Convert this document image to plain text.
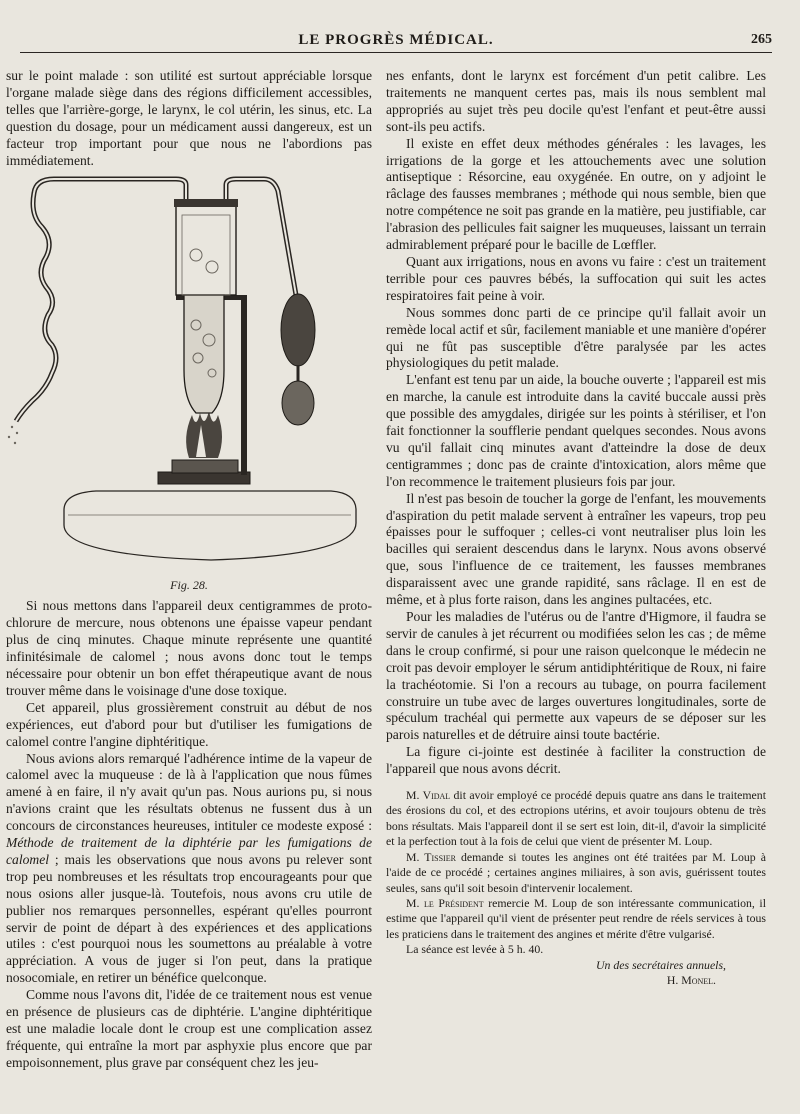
LE PROGRÈS MÉDICAL.	265

sur le point malade : son utilité est surtout appréciable lorsque l'organe malade siège dans des régions difficilement accessibles, telles que l'arrière-gorge, le larynx, le col utérin, les sinus, etc. La question du dosage, pour un médicament aussi dangereux, est un facteur trop important pour que nous ne l'abordions pas immédiatement.

Fig. 28.

Si nous mettons dans l'appareil deux centigrammes de proto-chlorure de mercure, nous obtenons une épaisse vapeur pendant plus de cinq minutes. Chaque minute représente une quantité infinitésimale de calomel ; nous avons donc tout le temps nécessaire pour obtenir un bon effet thérapeutique avant de nous trouver même dans le voisinage d'une dose toxique.

Cet appareil, plus grossièrement construit au début de nos expériences, eut d'abord pour but d'utiliser les fumigations de calomel contre l'angine diphtéritique.

Nous avions alors remarqué l'adhérence intime de la vapeur de calomel avec la muqueuse : de là à l'application que nous fûmes amené à en faire, il n'y avait qu'un pas. Nous aurions pu, si nous n'avions craint que les résultats obtenus ne fussent dus à un concours de circonstances heureuses, intituler ce modeste exposé : Méthode de traitement de la diphtérie par les fumigations de calomel ; mais les observations que nous avons pu relever sont trop peu nombreuses et les résultats trop encourageants pour que nous osions aller jusque-là. Toutefois, nous avons cru utile de publier nos remarques personnelles, espérant qu'elles pourront servir de point de départ à des expériences et des applications utiles : c'est pourquoi nous les soumettons au préalable à votre appréciation. A vous de juger si l'on peut, dans la pratique nosocomiale, en retirer un bénéfice quelconque.

Comme nous l'avons dit, l'idée de ce traitement nous est venue en présence de plusieurs cas de diphtérie. L'angine diphtéritique est une maladie locale dont le croup est une complication assez fréquente, qui entraîne la mort par asphyxie plus encore que par empoisonnement, plus grave par conséquent chez les jeu-

nes enfants, dont le larynx est forcément d'un petit calibre. Les traitements ne manquent certes pas, mais ils nous semblent mal appropriés au sujet très peu docile qu'est l'enfant et peut-être aussi sont-ils peu actifs.

Il existe en effet deux méthodes générales : les lavages, les irrigations de la gorge et les attouchements avec une solution antiseptique : Résorcine, eau oxygénée. En outre, on y adjoint le râclage des fausses membranes ; méthode qui nous semble, bien que notre compétence ne soit pas grande en la matière, peu justifiable, car l'abrasion des pellicules fait saigner les muqueuses, laissant un terrain admirablement préparé pour le bacille de Lœffler.

Quant aux irrigations, nous en avons vu faire : c'est un traitement terrible pour ces pauvres bébés, la suffocation qui suit les actes respiratoires fait peine à voir.

Nous sommes donc parti de ce principe qu'il fallait avoir un remède local actif et sûr, facilement maniable et une manière d'opérer qui ne fût pas susceptible d'être paralysée par les actes physiologiques du petit malade.

L'enfant est tenu par un aide, la bouche ouverte ; l'appareil est mis en marche, la canule est introduite dans la cavité buccale aussi près que possible des amygdales, dirigée sur les points à stériliser, et l'on fait fonctionner la soufflerie pendant quelques secondes. Nous avons vu qu'il fallait cinq minutes avant d'atteindre la dose de deux centigrammes ; donc pas de crainte d'intoxication, alors même que l'on recommence le traitement plusieurs fois par jour.

Il n'est pas besoin de toucher la gorge de l'enfant, les mouvements d'aspiration du petit malade servent à entraîner les vapeurs, trop peu épaisses pour le suffoquer ; celles-ci vont neutraliser plus loin les bacilles qui seraient descendus dans le larynx. Nous avons observé que, sous l'influence de ce traitement, les fausses membranes disparaissent avec une grande rapidité, sans râclage. Il en est de même, et à plus forte raison, dans les angines pultacées, etc.

Pour les maladies de l'utérus ou de l'antre d'Higmore, il faudra se servir de canules à jet récurrent ou modifiées selon les cas ; de même dans le croup confirmé, si pour une raison quelconque le médecin ne croit pas devoir employer le sérum antidiphtéritique de Roux, ni faire la trachéotomie. Si l'on a recours au tubage, on pourra facilement construire un tube avec de larges ouvertures longitudinales, sorte de spéculum trachéal qui permette aux vapeurs de se déposer sur les parois naturelles et de détruire ainsi toute bactérie.

La figure ci-jointe est destinée à faciliter la construction de l'appareil que nous avons décrit.

M. Vidal dit avoir employé ce procédé depuis quatre ans dans le traitement des érosions du col, et des ectropions utérins, et avoir toujours obtenu de très bons résultats. Mais l'appareil dont il se sert est loin, dit-il, d'avoir la simplicité et la perfection tout à la fois de celui que vient de présenter M. Loup.

M. Tissier demande si toutes les angines ont été traitées par M. Loup à l'aide de ce procédé ; certaines angines miliaires, à son avis, guérissent toutes seules, sans qu'il soit besoin d'intervenir localement.

M. le Président remercie M. Loup de son intéressante communication, il estime que l'appareil qu'il vient de présenter peut rendre de réels services à tous les praticiens dans le traitement des angines et mérite d'être vulgarisé.

La séance est levée à 5 h. 40.

Un des secrétaires annuels,
H. Monel.
